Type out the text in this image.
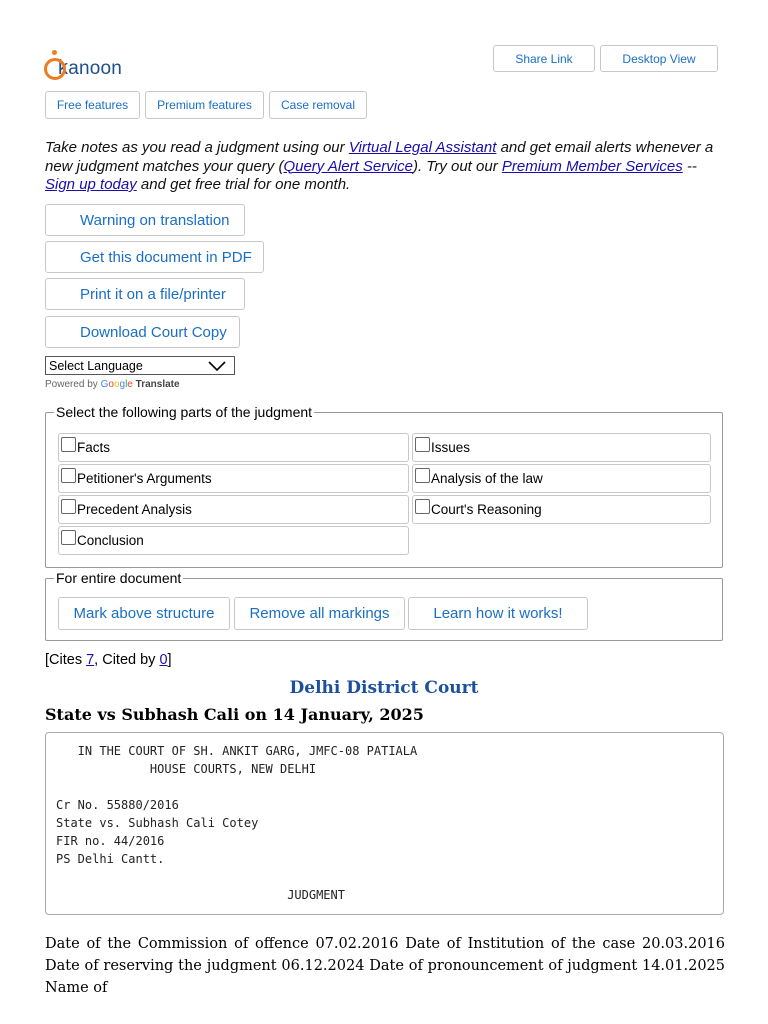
kanoon	Share Link	Desktop View
Free features	Premium features	Case removal

Take notes as you read a judgment using our Virtual Legal Assistant and get email alerts whenever a new judgment matches your query (Query Alert Service). Try out our Premium Member Services -- Sign up today and get free trial for one month.

Warning on translation
Get this document in PDF
Print it on a file/printer
Download Court Copy
Select Language
Powered by Google Translate
Select the following parts of the judgment
Facts	Issues
Petitioner's Arguments	Analysis of the law
Precedent Analysis	Court's Reasoning
Conclusion
For entire document
Mark above structure	Remove all markings	Learn how it works!
[Cites 7, Cited by 0]
Delhi District Court
State vs Subhash Cali on 14 January, 2025
IN THE COURT OF SH. ANKIT GARG, JMFC-08 PATIALA
HOUSE COURTS, NEW DELHI

Cr No. 55880/2016
State vs. Subhash Cali Cotey
FIR no. 44/2016
PS Delhi Cantt.

JUDGMENT

Date of the Commission of offence 07.02.2016 Date of Institution of the case 20.03.2016 Date of reserving the judgment 06.12.2024 Date of pronouncement of judgment 14.01.2025 Name of
